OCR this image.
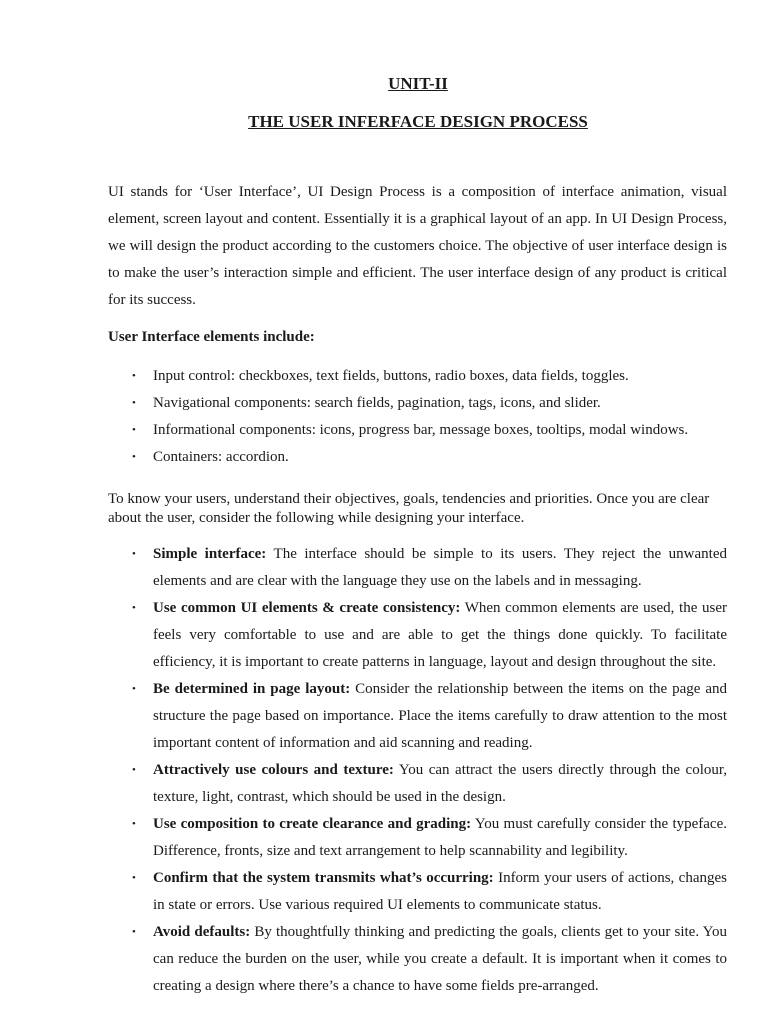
UNIT-II
THE USER INFERFACE DESIGN PROCESS

UI stands for ‘User Interface’, UI Design Process is a composition of interface animation, visual element, screen layout and content. Essentially it is a graphical layout of an app. In UI Design Process, we will design the product according to the customers choice. The objective of user interface design is to make the user’s interaction simple and efficient. The user interface design of any product is critical for its success.

User Interface elements include:

• Input control: checkboxes, text fields, buttons, radio boxes, data fields, toggles.
• Navigational components: search fields, pagination, tags, icons, and slider.
• Informational components: icons, progress bar, message boxes, tooltips, modal windows.
• Containers: accordion.

To know your users, understand their objectives, goals, tendencies and priorities. Once you are clear about the user, consider the following while designing your interface.

• Simple interface: The interface should be simple to its users. They reject the unwanted elements and are clear with the language they use on the labels and in messaging.
• Use common UI elements & create consistency: When common elements are used, the user feels very comfortable to use and are able to get the things done quickly. To facilitate efficiency, it is important to create patterns in language, layout and design throughout the site.
• Be determined in page layout: Consider the relationship between the items on the page and structure the page based on importance. Place the items carefully to draw attention to the most important content of information and aid scanning and reading.
• Attractively use colours and texture: You can attract the users directly through the colour, texture, light, contrast, which should be used in the design.
• Use composition to create clearance and grading: You must carefully consider the typeface. Difference, fronts, size and text arrangement to help scannability and legibility.
• Confirm that the system transmits what’s occurring: Inform your users of actions, changes in state or errors. Use various required UI elements to communicate status.
• Avoid defaults: By thoughtfully thinking and predicting the goals, clients get to your site. You can reduce the burden on the user, while you create a default. It is important when it comes to creating a design where there’s a chance to have some fields pre-arranged.
